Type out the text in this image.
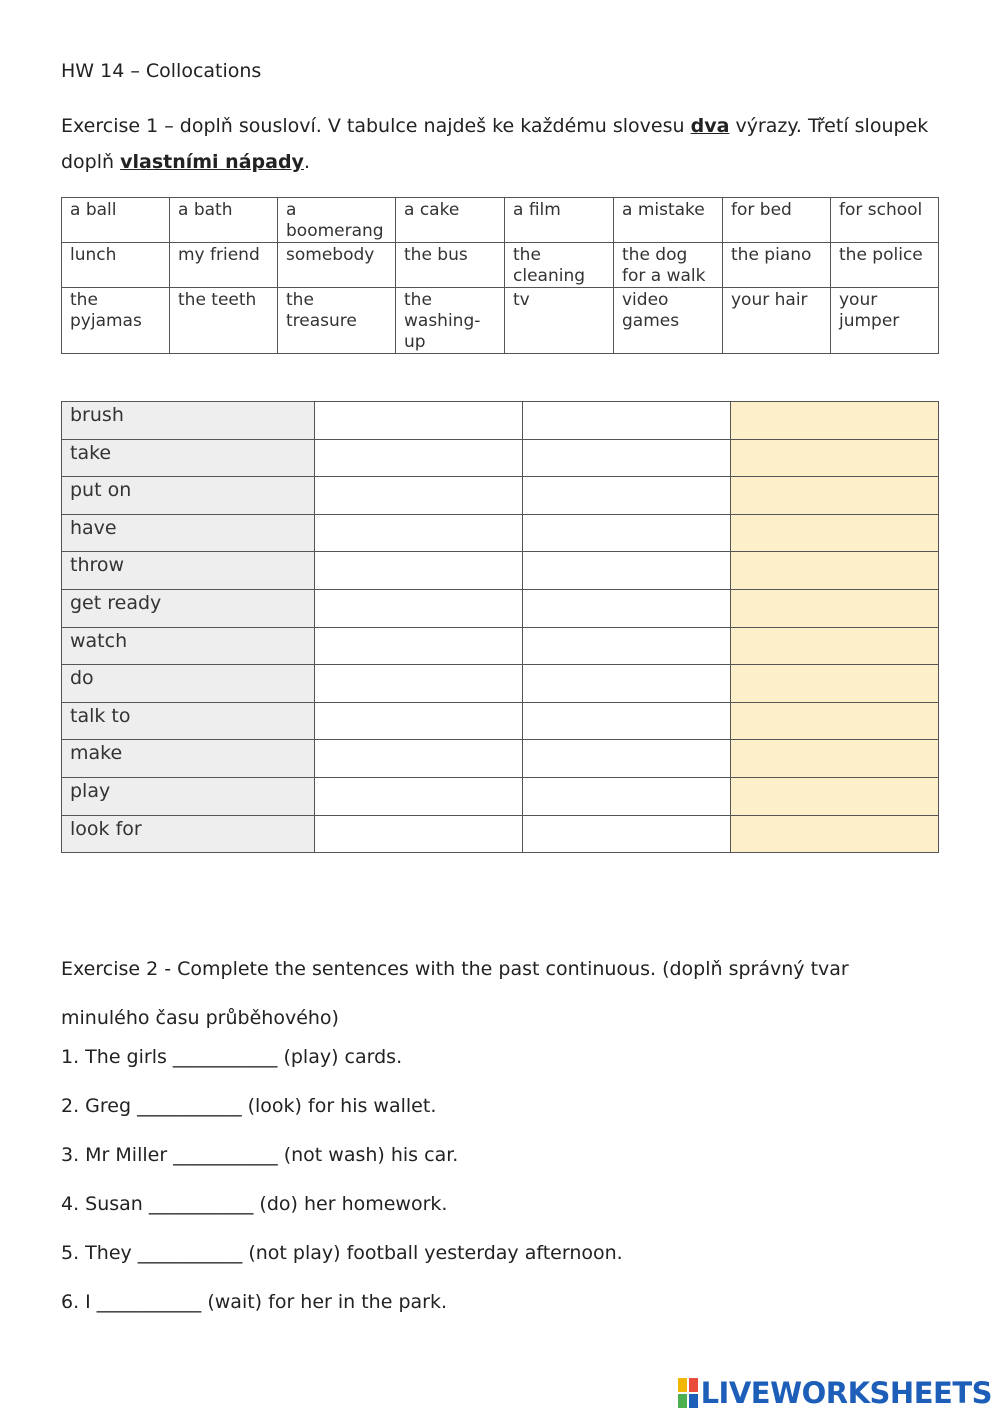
HW 14 – Collocations
Exercise 1 – doplň sousloví. V tabulce najdeš ke každému slovesu dva výrazy. Třetí sloupek doplň vlastními nápady.
a ball	a bath	a boomerang	a cake	a film	a mistake	for bed	for school
lunch	my friend	somebody	the bus	the cleaning	the dog for a walk	the piano	the police
the pyjamas	the teeth	the treasure	the washing-up	tv	video games	your hair	your jumper
brush			
take			
put on			
have			
throw			
get ready			
watch			
do			
talk to			
make			
play			
look for			
Exercise 2 - Complete the sentences with the past continuous. (doplň správný tvar minulého času průběhového)
1. The girls ___________ (play) cards.
2. Greg ___________ (look) for his wallet.
3. Mr Miller ___________ (not wash) his car.
4. Susan ___________ (do) her homework.
5. They ___________ (not play) football yesterday afternoon.
6. I ___________ (wait) for her in the park.
LIVEWORKSHEETS
